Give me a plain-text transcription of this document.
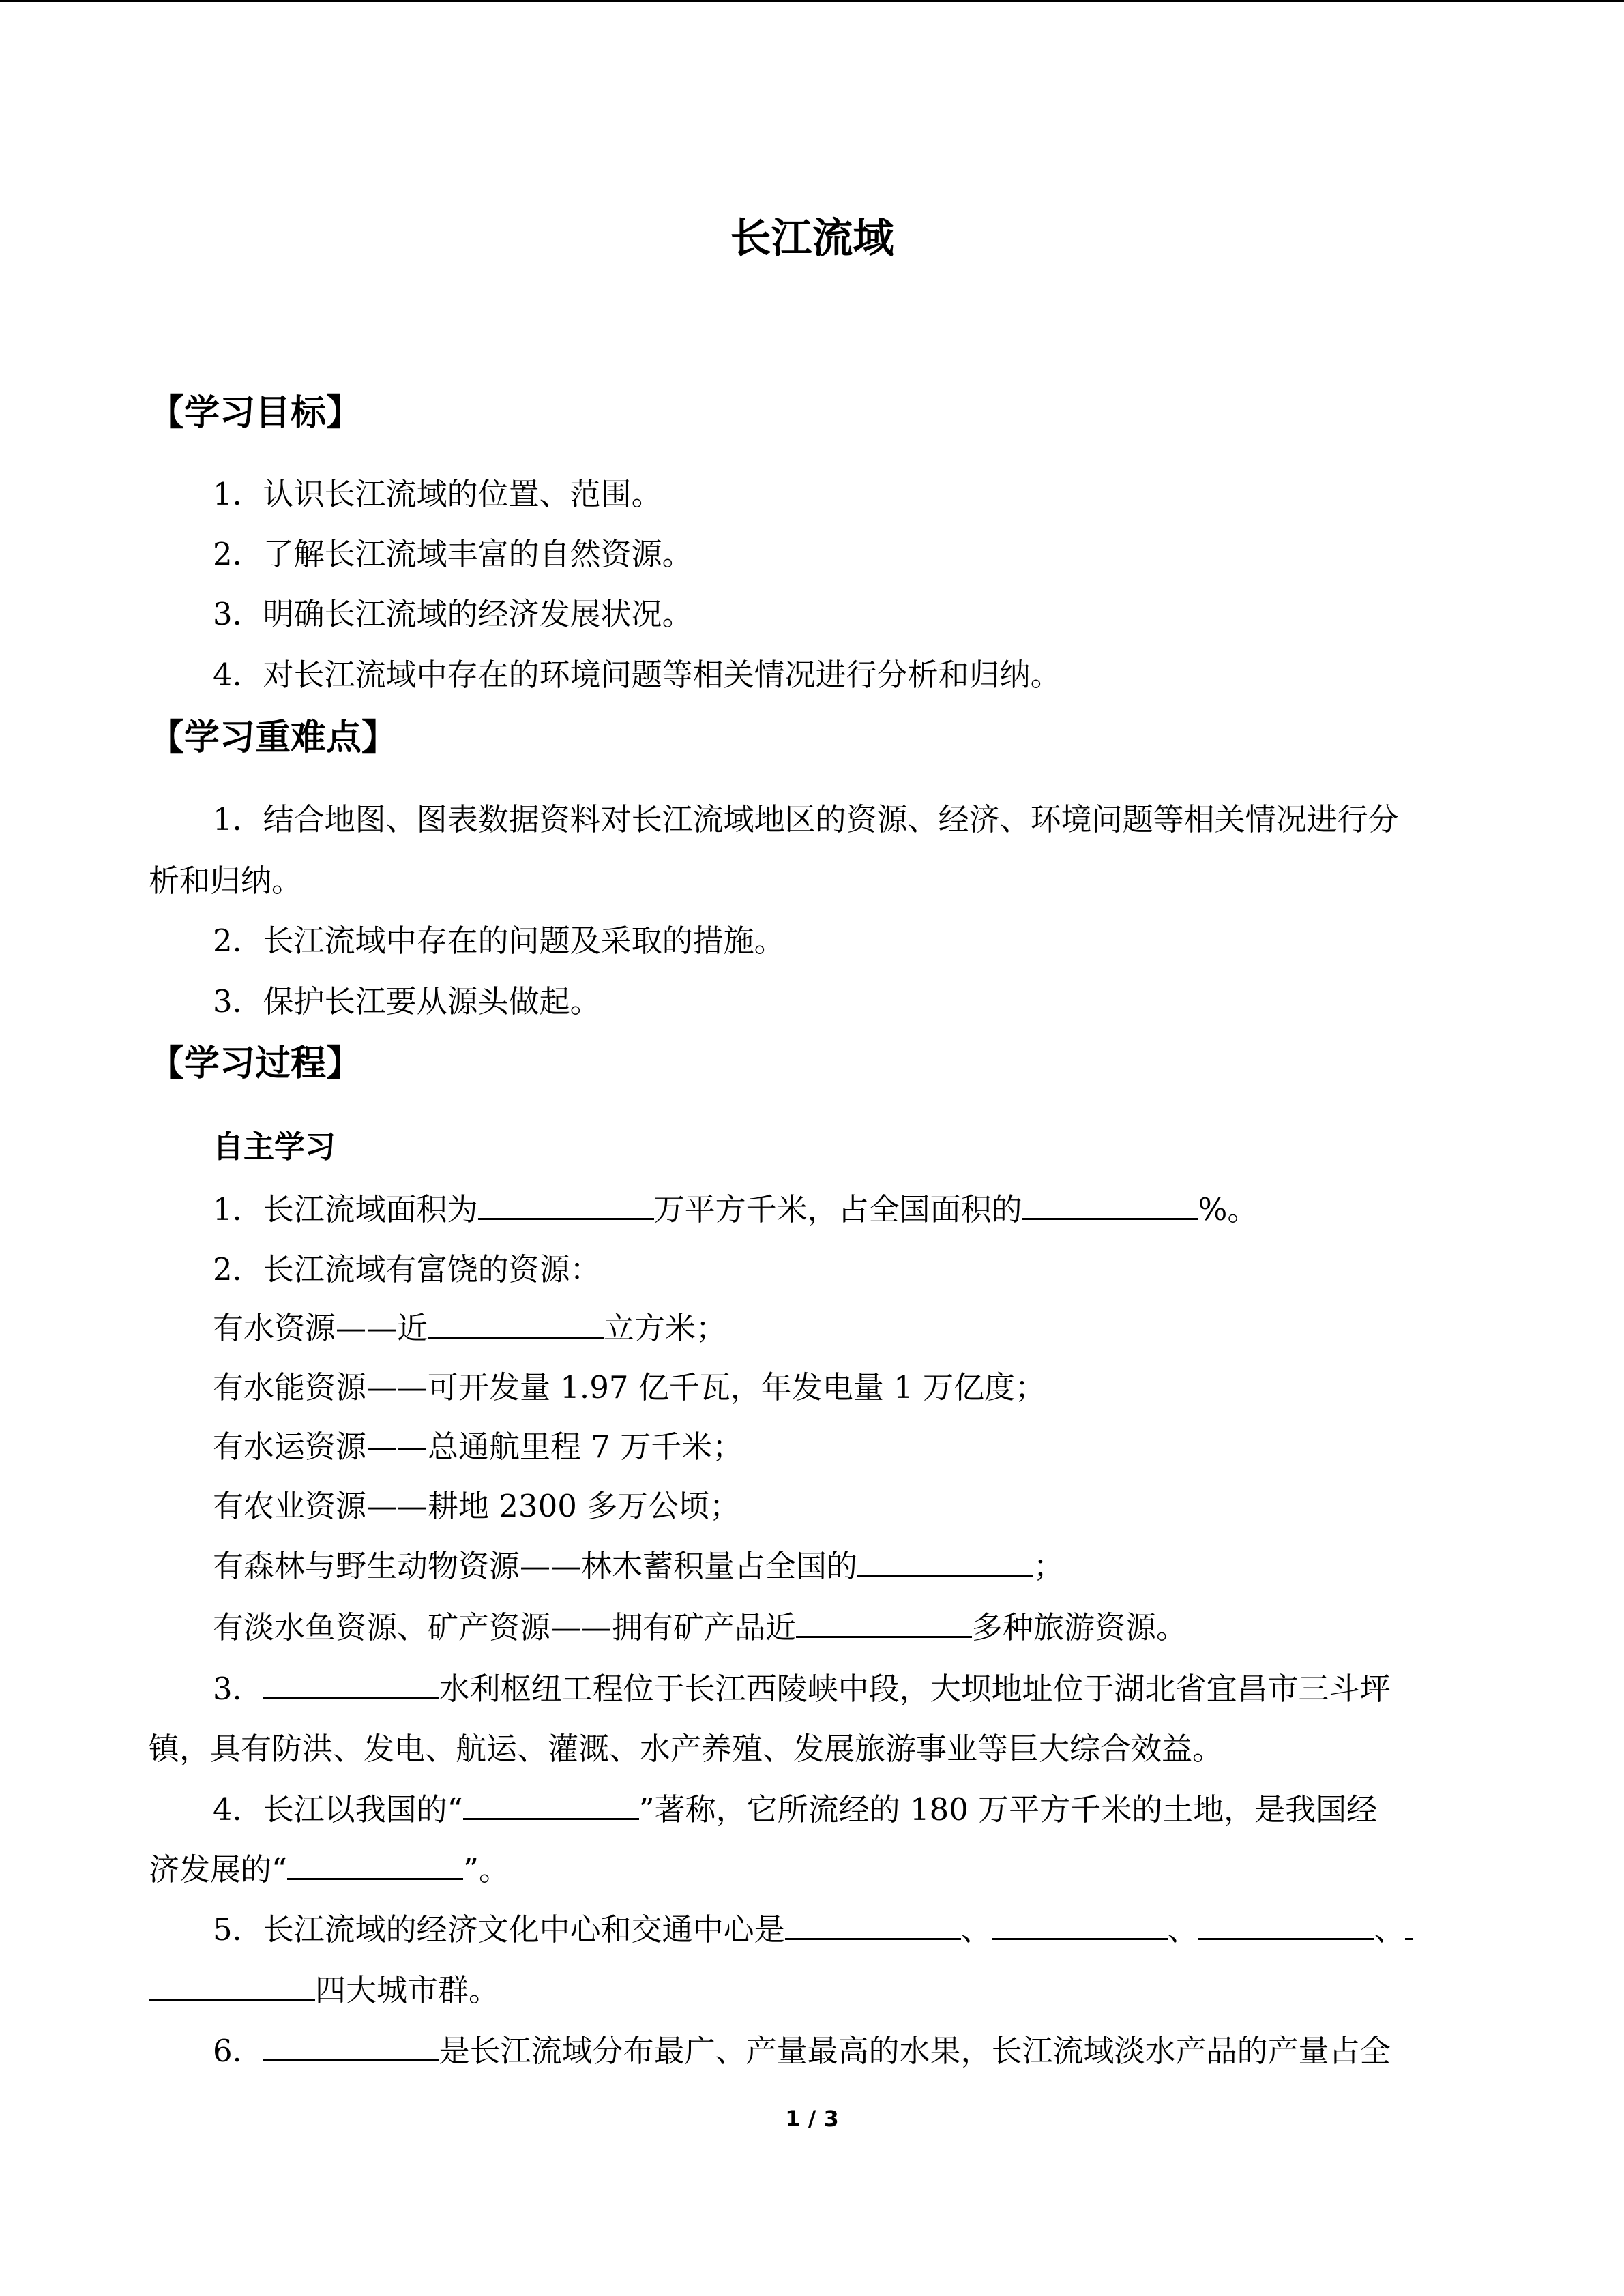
长江流域
【学习目标】
1．认识长江流域的位置、范围。
2．了解长江流域丰富的自然资源。
3．明确长江流域的经济发展状况。
4．对长江流域中存在的环境问题等相关情况进行分析和归纳。
【学习重难点】
1．结合地图、图表数据资料对长江流域地区的资源、经济、环境问题等相关情况进行分
析和归纳。
2．长江流域中存在的问题及采取的措施。
3．保护长江要从源头做起。
【学习过程】
自主学习
1．长江流域面积为	万平方千米，占全国面积的	%。
2．长江流域有富饶的资源：
有水资源——近	立方米；
有水能资源——可开发量 1.97 亿千瓦，年发电量 1 万亿度；
有水运资源——总通航里程 7 万千米；
有农业资源——耕地 2300 多万公顷；
有森林与野生动物资源——林木蓄积量占全国的	；
有淡水鱼资源、矿产资源——拥有矿产品近	多种旅游资源。
3．	水利枢纽工程位于长江西陵峡中段，大坝地址位于湖北省宜昌市三斗坪
镇，具有防洪、发电、航运、灌溉、水产养殖、发展旅游事业等巨大综合效益。
4．长江以我国的“	”著称，它所流经的 180 万平方千米的土地，是我国经
济发展的“	”。
5．长江流域的经济文化中心和交通中心是	、	、	、
四大城市群。
6．	是长江流域分布最广、产量最高的水果，长江流域淡水产品的产量占全
1 / 3
